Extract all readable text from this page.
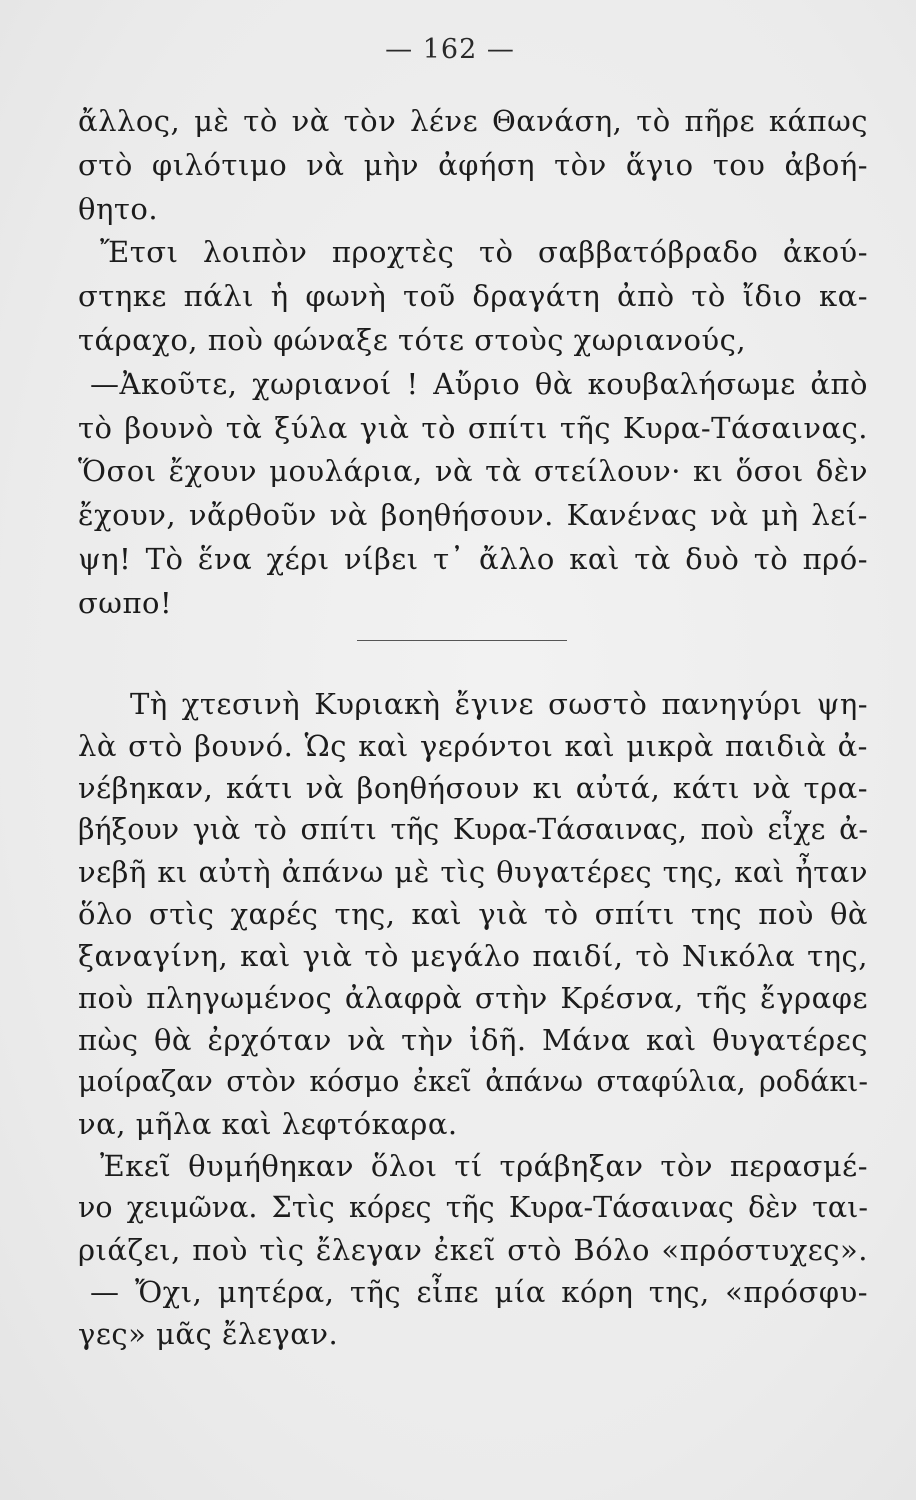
— 162 —
ἄλλος, μὲ τὸ νὰ τὸν λένε Θανάση, τὸ πῆρε κάπως
στὸ φιλότιμο νὰ μὴν ἀφήση τὸν ἅγιο του ἀβοή-
θητο.
Ἔτσι λοιπὸν προχτὲς τὸ σαββατόβραδο ἀκού-
στηκε πάλι ἡ φωνὴ τοῦ δραγάτη ἀπὸ τὸ ἴδιο κα-
τάραχο, ποὺ φώναξε τότε στοὺς χωριανούς,
—Ἀκοῦτε, χωριανοί ! Αὔριο θὰ κουβαλήσωμε ἀπὸ
τὸ βουνὸ τὰ ξύλα γιὰ τὸ σπίτι τῆς Κυρα-Τάσαινας.
Ὅσοι ἔχουν μουλάρια, νὰ τὰ στείλουν· κι ὅσοι δὲν
ἔχουν, νἄρθοῦν νὰ βοηθήσουν. Κανένας νὰ μὴ λεί-
ψη! Τὸ ἕνα χέρι νίβει τ᾽ ἄλλο καὶ τὰ δυὸ τὸ πρό-
σωπο!
Τὴ χτεσινὴ Κυριακὴ ἔγινε σωστὸ πανηγύρι ψη-
λὰ στὸ βουνό. Ὡς καὶ γερόντοι καὶ μικρὰ παιδιὰ ἀ-
νέβηκαν, κάτι νὰ βοηθήσουν κι αὐτά, κάτι νὰ τρα-
βήξουν γιὰ τὸ σπίτι τῆς Κυρα-Τάσαινας, ποὺ εἶχε ἀ-
νεβῆ κι αὐτὴ ἀπάνω μὲ τὶς θυγατέρες της, καὶ ἦταν
ὅλο στὶς χαρές της, καὶ γιὰ τὸ σπίτι της ποὺ θὰ
ξαναγίνη, καὶ γιὰ τὸ μεγάλο παιδί, τὸ Νικόλα της,
ποὺ πληγωμένος ἀλαφρὰ στὴν Κρέσνα, τῆς ἔγραφε
πὼς θὰ ἐρχόταν νὰ τὴν ἰδῆ. Μάνα καὶ θυγατέρες
μοίραζαν στὸν κόσμο ἐκεῖ ἀπάνω σταφύλια, ροδάκι-
να, μῆλα καὶ λεφτόκαρα.
Ἐκεῖ θυμήθηκαν ὅλοι τί τράβηξαν τὸν περασμέ-
νο χειμῶνα. Στὶς κόρες τῆς Κυρα-Τάσαινας δὲν ται-
ριάζει, ποὺ τὶς ἔλεγαν ἐκεῖ στὸ Βόλο «πρόστυχες».
— Ὄχι, μητέρα, τῆς εἶπε μία κόρη της, «πρόσφυ-
γες» μᾶς ἔλεγαν.
